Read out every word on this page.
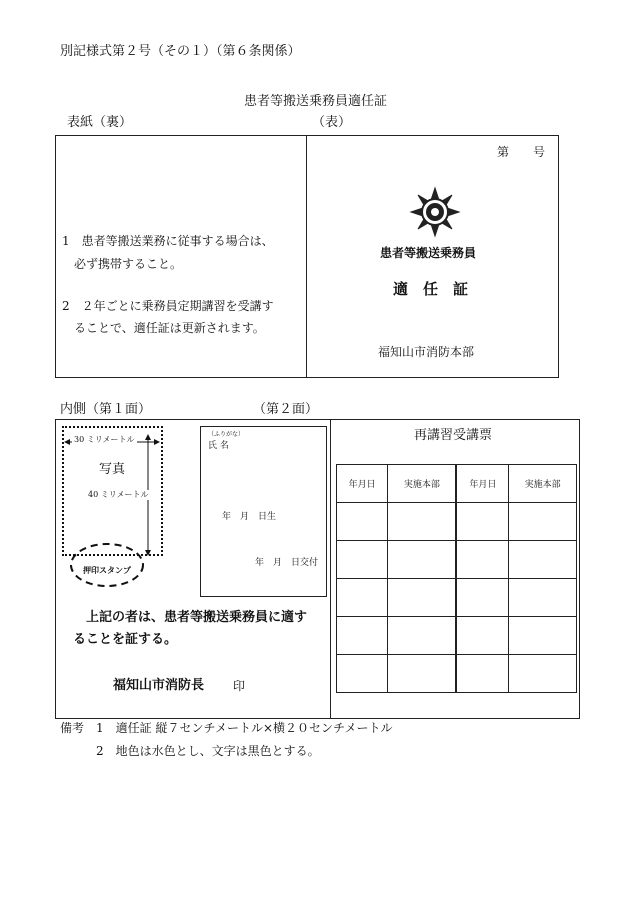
別記様式第２号（その１）（第６条関係）
患者等搬送乗務員適任証
表紙（裏）	（表）
1　患者等搬送業務に従事する場合は、
必ず携帯すること。
2　２年ごとに乗務員定期講習を受講す
ることで、適任証は更新されます。
第 号
患者等搬送乗務員
適　任　証
福知山市消防本部
内側（第１面）	（第２面）
30 ミリメートル
写真
40 ミリメートル
押印スタンプ
（ふりがな）
氏 名
年　月　日生
年　月　日交付
上記の者は、患者等搬送乗務員に適す
ることを証する。
福知山市消防長 印
再講習受講票
年月日	実施本部	年月日	実施本部

備考　1　適任証 縦７センチメートル×横２０センチメートル
2　地色は水色とし、文字は黒色とする。
